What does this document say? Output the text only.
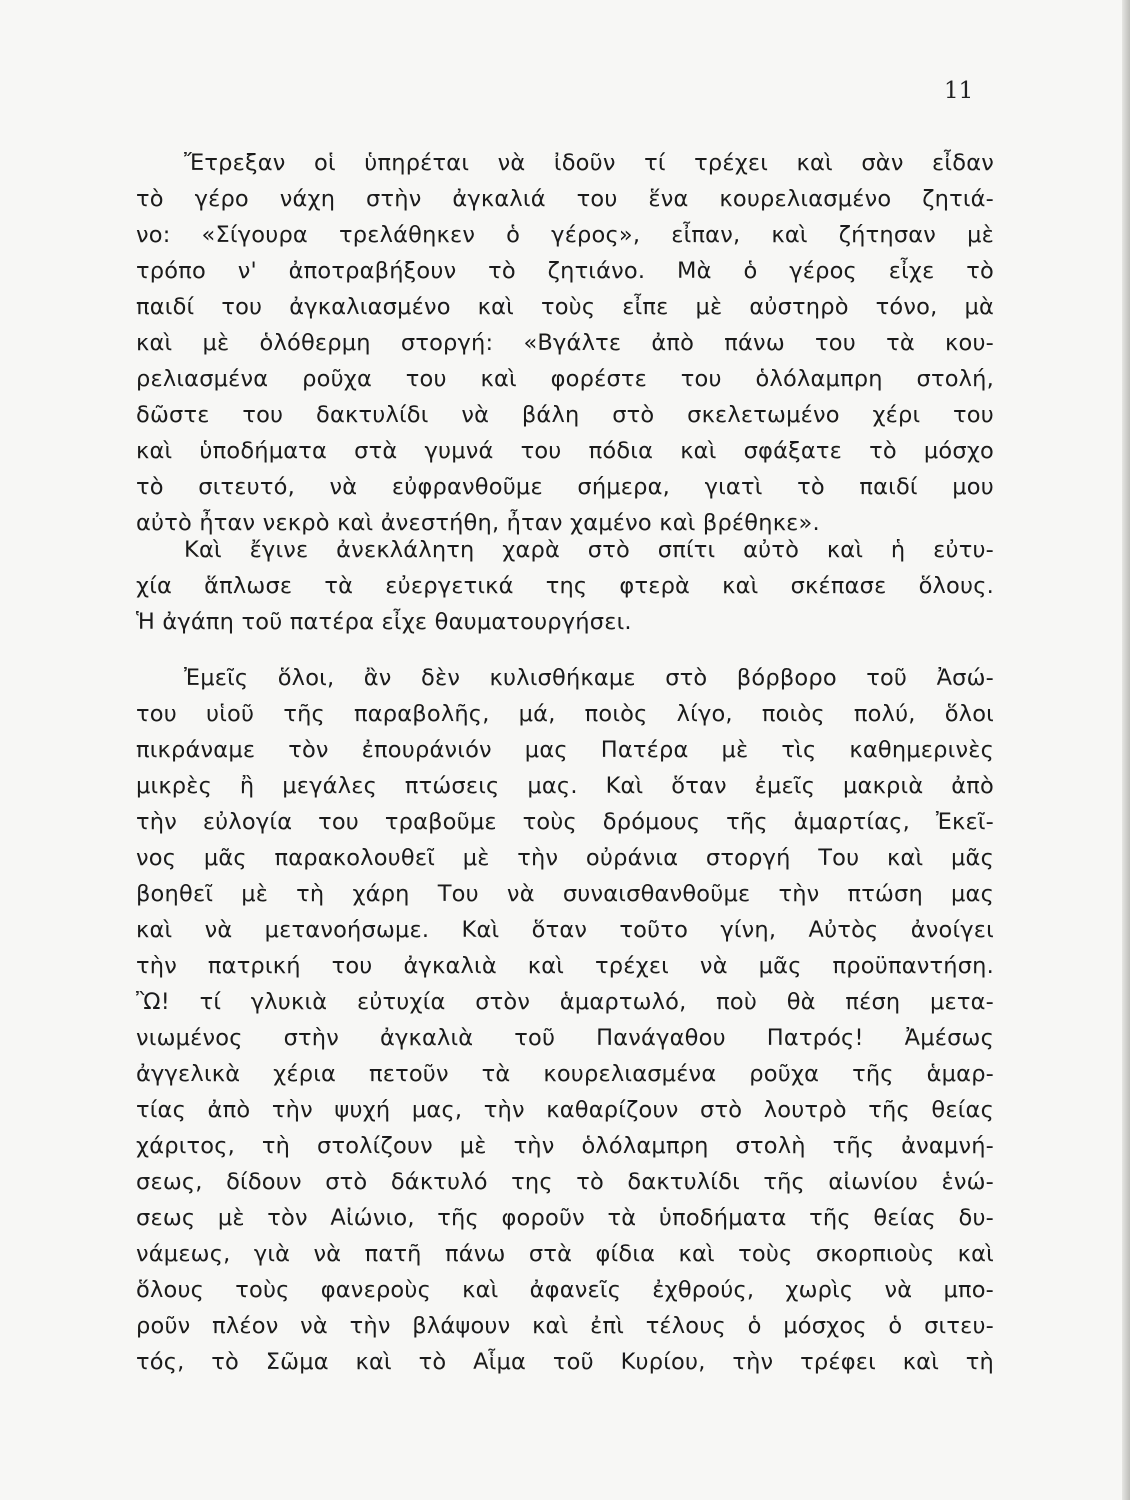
11
Ἔτρεξαν οἱ ὑπηρέται νὰ ἰδοῦν τί τρέχει καὶ σὰν εἶδαν
τὸ γέρο νάχη στὴν ἀγκαλιά του ἕνα κουρελιασμένο ζητιά-
νο: «Σίγουρα τρελάθηκεν ὁ γέρος», εἶπαν, καὶ ζήτησαν μὲ
τρόπο ν' ἀποτραβήξουν τὸ ζητιάνο. Μὰ ὁ γέρος εἶχε τὸ
παιδί του ἀγκαλιασμένο καὶ τοὺς εἶπε μὲ αὐστηρὸ τόνο, μὰ
καὶ μὲ ὁλόθερμη στοργή: «Βγάλτε ἀπὸ πάνω του τὰ κου-
ρελιασμένα ροῦχα του καὶ φορέστε του ὁλόλαμπρη στολή,
δῶστε του δακτυλίδι νὰ βάλη στὸ σκελετωμένο χέρι του
καὶ ὑποδήματα στὰ γυμνά του πόδια καὶ σφάξατε τὸ μόσχο
τὸ σιτευτό, νὰ εὐφρανθοῦμε σήμερα, γιατὶ τὸ παιδί μου
αὐτὸ ἦταν νεκρὸ καὶ ἀνεστήθη, ἦταν χαμένο καὶ βρέθηκε».
Καὶ ἔγινε ἀνεκλάλητη χαρὰ στὸ σπίτι αὐτὸ καὶ ἡ εὐτυ-
χία ἅπλωσε τὰ εὐεργετικά της φτερὰ καὶ σκέπασε ὅλους.
Ἡ ἀγάπη τοῦ πατέρα εἶχε θαυματουργήσει.
Ἐμεῖς ὅλοι, ἂν δὲν κυλισθήκαμε στὸ βόρβορο τοῦ Ἀσώ-
του υἱοῦ τῆς παραβολῆς, μά, ποιὸς λίγο, ποιὸς πολύ, ὅλοι
πικράναμε τὸν ἐπουράνιόν μας Πατέρα μὲ τὶς καθημερινὲς
μικρὲς ἢ μεγάλες πτώσεις μας. Καὶ ὅταν ἐμεῖς μακριὰ ἀπὸ
τὴν εὐλογία του τραβοῦμε τοὺς δρόμους τῆς ἁμαρτίας, Ἐκεῖ-
νος μᾶς παρακολουθεῖ μὲ τὴν οὐράνια στοργή Του καὶ μᾶς
βοηθεῖ μὲ τὴ χάρη Του νὰ συναισθανθοῦμε τὴν πτώση μας
καὶ νὰ μετανοήσωμε. Καὶ ὅταν τοῦτο γίνη, Αὐτὸς ἀνοίγει
τὴν πατρική του ἀγκαλιὰ καὶ τρέχει νὰ μᾶς προϋπαντήση.
Ὢ! τί γλυκιὰ εὐτυχία στὸν ἁμαρτωλό, ποὺ θὰ πέση μετα-
νιωμένος στὴν ἀγκαλιὰ τοῦ Πανάγαθου Πατρός! Ἀμέσως
ἀγγελικὰ χέρια πετοῦν τὰ κουρελιασμένα ροῦχα τῆς ἁμαρ-
τίας ἀπὸ τὴν ψυχή μας, τὴν καθαρίζουν στὸ λουτρὸ τῆς θείας
χάριτος, τὴ στολίζουν μὲ τὴν ὁλόλαμπρη στολὴ τῆς ἀναμνή-
σεως, δίδουν στὸ δάκτυλό της τὸ δακτυλίδι τῆς αἰωνίου ἑνώ-
σεως μὲ τὸν Αἰώνιο, τῆς φοροῦν τὰ ὑποδήματα τῆς θείας δυ-
νάμεως, γιὰ νὰ πατῆ πάνω στὰ φίδια καὶ τοὺς σκορπιοὺς καὶ
ὅλους τοὺς φανεροὺς καὶ ἀφανεῖς ἐχθρούς, χωρὶς νὰ μπο-
ροῦν πλέον νὰ τὴν βλάψουν καὶ ἐπὶ τέλους ὁ μόσχος ὁ σιτευ-
τός, τὸ Σῶμα καὶ τὸ Αἷμα τοῦ Κυρίου, τὴν τρέφει καὶ τὴ
